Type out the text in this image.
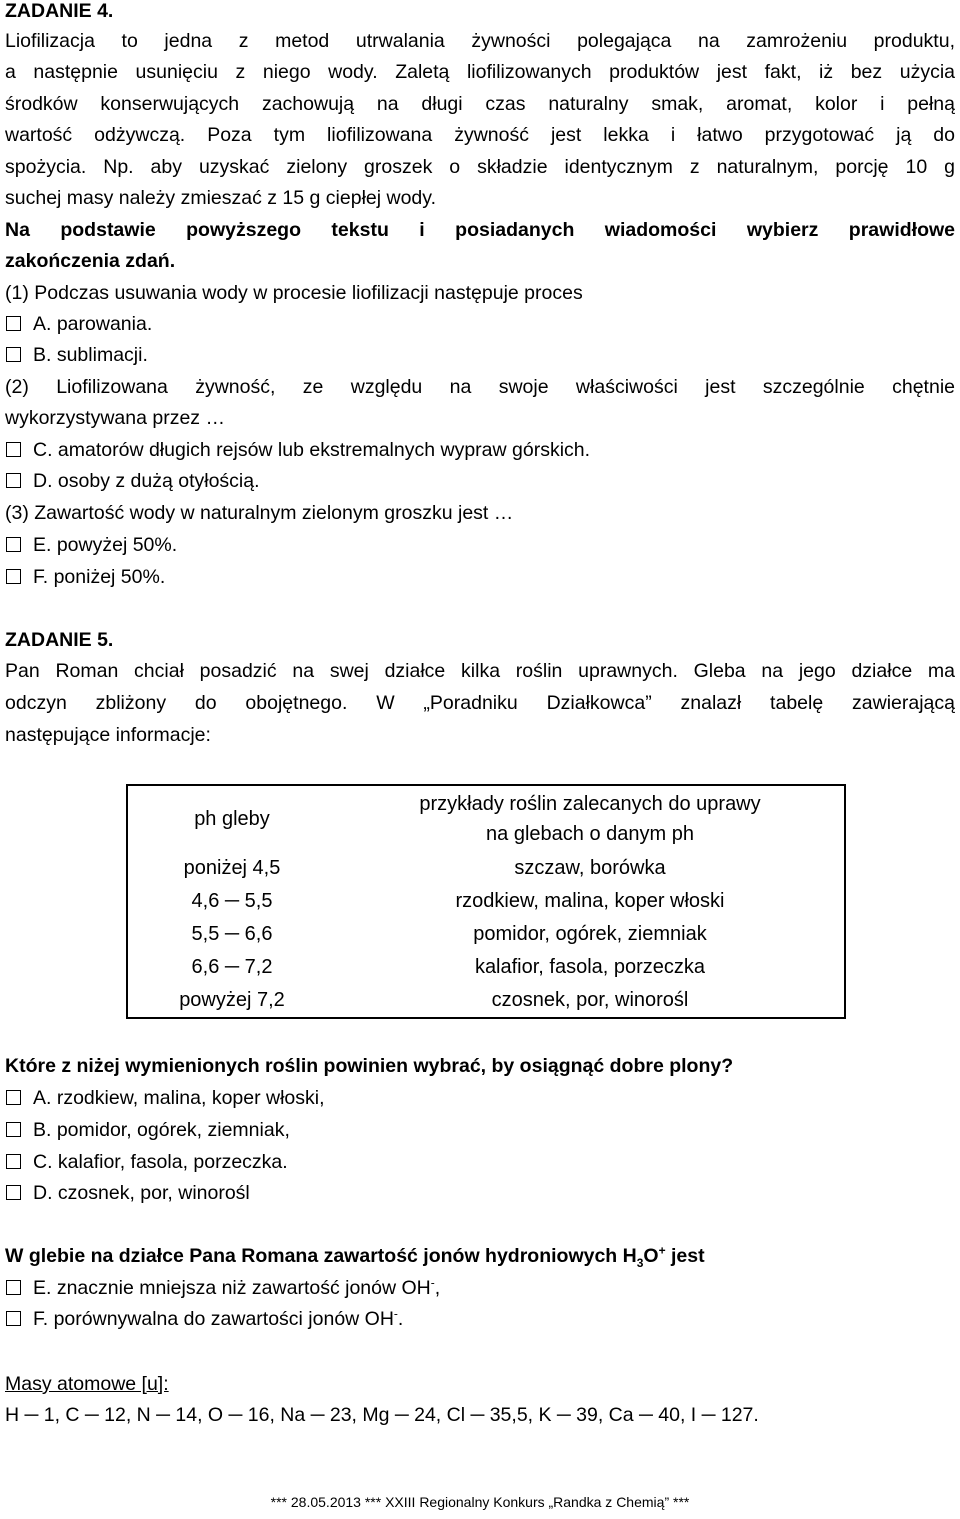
ZADANIE 4.
Liofilizacja to jedna z metod utrwalania żywności polegająca na zamrożeniu produktu,
a następnie usunięciu z niego wody. Zaletą liofilizowanych produktów jest fakt, iż bez użycia
środków konserwujących zachowują na długi czas naturalny smak, aromat, kolor i pełną
wartość odżywczą. Poza tym liofilizowana żywność jest lekka i łatwo przygotować ją do
spożycia. Np. aby uzyskać zielony groszek o składzie identycznym z naturalnym, porcję 10 g
suchej masy należy zmieszać z 15 g ciepłej wody.
Na podstawie powyższego tekstu i posiadanych wiadomości wybierz prawidłowe
zakończenia zdań.
(1) Podczas usuwania wody w procesie liofilizacji następuje proces
A. parowania.
B. sublimacji.
(2) Liofilizowana żywność, ze względu na swoje właściwości jest szczególnie chętnie
wykorzystywana przez …
C. amatorów długich rejsów lub ekstremalnych wypraw górskich.
D. osoby z dużą otyłością.
(3) Zawartość wody w naturalnym zielonym groszku jest …
E. powyżej 50%.
F. poniżej 50%.
ZADANIE 5.
Pan Roman chciał posadzić na swej działce kilka roślin uprawnych. Gleba na jego działce ma
odczyn zbliżony do obojętnego. W „Poradniku Działkowca” znalazł tabelę zawierającą
następujące informacje:
ph gleby	przykłady roślin zalecanych do uprawy
na glebach o danym ph

poniżej 4,5	szczaw, borówka
4,6 ─ 5,5	rzodkiew, malina, koper włoski
5,5 ─ 6,6	pomidor, ogórek, ziemniak
6,6 ─ 7,2	kalafior, fasola, porzeczka
powyżej 7,2	czosnek, por, winorośl
Które z niżej wymienionych roślin powinien wybrać, by osiągnąć dobre plony?
A. rzodkiew, malina, koper włoski,
B. pomidor, ogórek, ziemniak,
C. kalafior, fasola, porzeczka.
D. czosnek, por, winorośl
W glebie na działce Pana Romana zawartość jonów hydroniowych $H_3O^+$ jest
E. znacznie mniejsza niż zawartość jonów OH-,
F. porównywalna do zawartości jonów OH-.
Masy atomowe [u]:
H ─ 1, C ─ 12, N ─ 14, O ─ 16, Na ─ 23, Mg ─ 24, Cl ─ 35,5, K ─ 39, Ca ─ 40, I ─ 127.
*** 28.05.2013 *** XXIII Regionalny Konkurs „Randka z Chemią” ***
